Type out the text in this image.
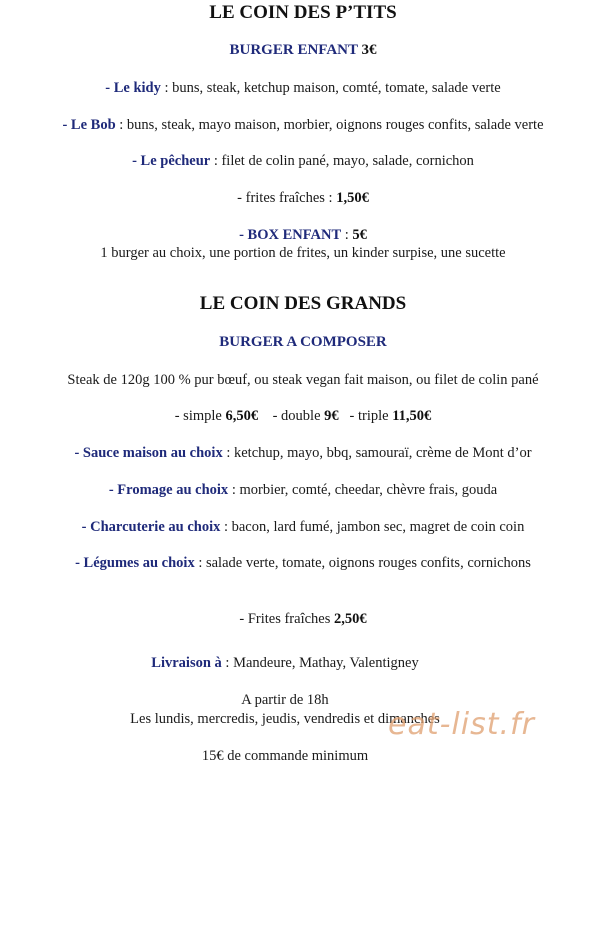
LE COIN DES P’TITS
BURGER ENFANT 3€
- Le kidy : buns, steak, ketchup maison, comté, tomate, salade verte
- Le Bob : buns, steak, mayo maison, morbier, oignons rouges confits, salade verte
- Le pêcheur : filet de colin pané, mayo, salade, cornichon
- frites fraîches : 1,50€
- BOX ENFANT : 5€
1 burger au choix, une portion de frites, un kinder surpise, une sucette
LE COIN DES GRANDS
BURGER A COMPOSER
Steak de 120g 100 % pur bœuf, ou steak vegan fait maison, ou filet de colin pané
- simple 6,50€ - double 9€ - triple 11,50€
- Sauce maison au choix : ketchup, mayo, bbq, samouraï, crème de Mont d’or
- Fromage au choix : morbier, comté, cheedar, chèvre frais, gouda
- Charcuterie au choix : bacon, lard fumé, jambon sec, magret de coin coin
- Légumes au choix : salade verte, tomate, oignons rouges confits, cornichons
- Frites fraîches 2,50€
Livraison à : Mandeure, Mathay, Valentigney
A partir de 18h
Les lundis, mercredis, jeudis, vendredis et dimanches
15€ de commande minimum
eat-list.fr
